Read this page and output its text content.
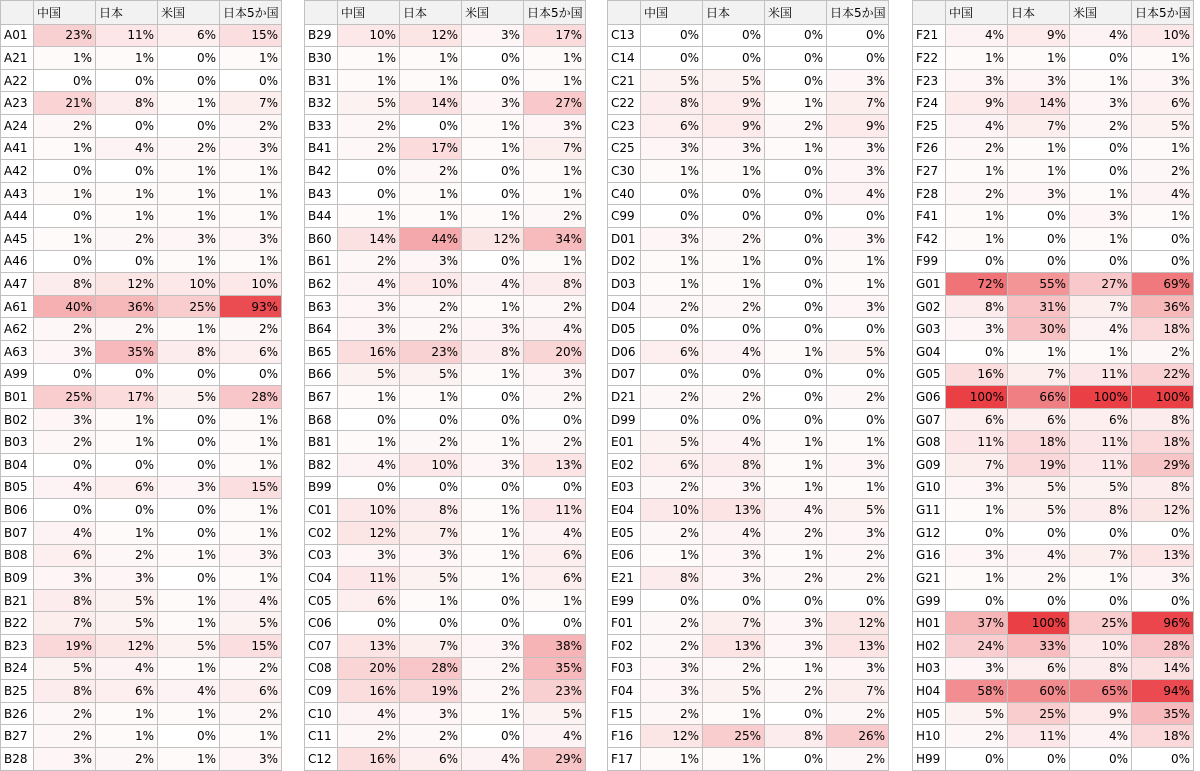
	中国	日本	米国	日本5か国
A01	23%	11%	6%	15%
A21	1%	1%	0%	1%
A22	0%	0%	0%	0%
A23	21%	8%	1%	7%
A24	2%	0%	0%	2%
A41	1%	4%	2%	3%
A42	0%	0%	1%	1%
A43	1%	1%	1%	1%
A44	0%	1%	1%	1%
A45	1%	2%	3%	3%
A46	0%	0%	1%	1%
A47	8%	12%	10%	10%
A61	40%	36%	25%	93%
A62	2%	2%	1%	2%
A63	3%	35%	8%	6%
A99	0%	0%	0%	0%
B01	25%	17%	5%	28%
B02	3%	1%	0%	1%
B03	2%	1%	0%	1%
B04	0%	0%	0%	1%
B05	4%	6%	3%	15%
B06	0%	0%	0%	1%
B07	4%	1%	0%	1%
B08	6%	2%	1%	3%
B09	3%	3%	0%	1%
B21	8%	5%	1%	4%
B22	7%	5%	1%	5%
B23	19%	12%	5%	15%
B24	5%	4%	1%	2%
B25	8%	6%	4%	6%
B26	2%	1%	1%	2%
B27	2%	1%	0%	1%
B28	3%	2%	1%	3%
	中国	日本	米国	日本5か国
B29	10%	12%	3%	17%
B30	1%	1%	0%	1%
B31	1%	1%	0%	1%
B32	5%	14%	3%	27%
B33	2%	0%	1%	3%
B41	2%	17%	1%	7%
B42	0%	2%	0%	1%
B43	0%	1%	0%	1%
B44	1%	1%	1%	2%
B60	14%	44%	12%	34%
B61	2%	3%	0%	1%
B62	4%	10%	4%	8%
B63	3%	2%	1%	2%
B64	3%	2%	3%	4%
B65	16%	23%	8%	20%
B66	5%	5%	1%	3%
B67	1%	1%	0%	2%
B68	0%	0%	0%	0%
B81	1%	2%	1%	2%
B82	4%	10%	3%	13%
B99	0%	0%	0%	0%
C01	10%	8%	1%	11%
C02	12%	7%	1%	4%
C03	3%	3%	1%	6%
C04	11%	5%	1%	6%
C05	6%	1%	0%	1%
C06	0%	0%	0%	0%
C07	13%	7%	3%	38%
C08	20%	28%	2%	35%
C09	16%	19%	2%	23%
C10	4%	3%	1%	5%
C11	2%	2%	0%	4%
C12	16%	6%	4%	29%
	中国	日本	米国	日本5か国
C13	0%	0%	0%	0%
C14	0%	0%	0%	0%
C21	5%	5%	0%	3%
C22	8%	9%	1%	7%
C23	6%	9%	2%	9%
C25	3%	3%	1%	3%
C30	1%	1%	0%	3%
C40	0%	0%	0%	4%
C99	0%	0%	0%	0%
D01	3%	2%	0%	3%
D02	1%	1%	0%	1%
D03	1%	1%	0%	1%
D04	2%	2%	0%	3%
D05	0%	0%	0%	0%
D06	6%	4%	1%	5%
D07	0%	0%	0%	0%
D21	2%	2%	0%	2%
D99	0%	0%	0%	0%
E01	5%	4%	1%	1%
E02	6%	8%	1%	3%
E03	2%	3%	1%	1%
E04	10%	13%	4%	5%
E05	2%	4%	2%	3%
E06	1%	3%	1%	2%
E21	8%	3%	2%	2%
E99	0%	0%	0%	0%
F01	2%	7%	3%	12%
F02	2%	13%	3%	13%
F03	3%	2%	1%	3%
F04	3%	5%	2%	7%
F15	2%	1%	0%	2%
F16	12%	25%	8%	26%
F17	1%	1%	0%	2%
	中国	日本	米国	日本5か国
F21	4%	9%	4%	10%
F22	1%	1%	0%	1%
F23	3%	3%	1%	3%
F24	9%	14%	3%	6%
F25	4%	7%	2%	5%
F26	2%	1%	0%	1%
F27	1%	1%	0%	2%
F28	2%	3%	1%	4%
F41	1%	0%	3%	1%
F42	1%	0%	1%	0%
F99	0%	0%	0%	0%
G01	72%	55%	27%	69%
G02	8%	31%	7%	36%
G03	3%	30%	4%	18%
G04	0%	1%	1%	2%
G05	16%	7%	11%	22%
G06	100%	66%	100%	100%
G07	6%	6%	6%	8%
G08	11%	18%	11%	18%
G09	7%	19%	11%	29%
G10	3%	5%	5%	8%
G11	1%	5%	8%	12%
G12	0%	0%	0%	0%
G16	3%	4%	7%	13%
G21	1%	2%	1%	3%
G99	0%	0%	0%	0%
H01	37%	100%	25%	96%
H02	24%	33%	10%	28%
H03	3%	6%	8%	14%
H04	58%	60%	65%	94%
H05	5%	25%	9%	35%
H10	2%	11%	4%	18%
H99	0%	0%	0%	0%
